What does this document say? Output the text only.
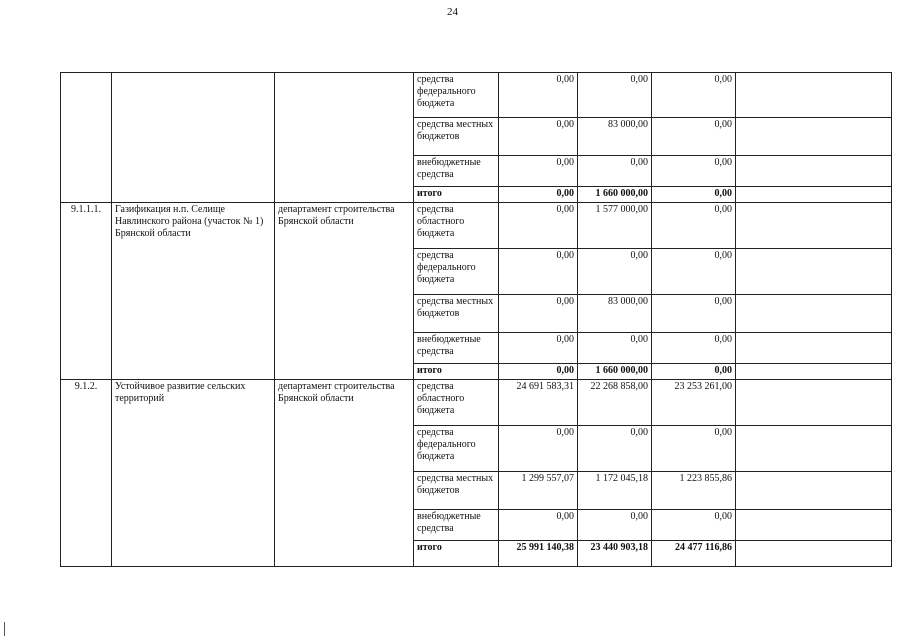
24
			средства федерального бюджета	0,00	0,00	0,00	
			средства местных бюджетов	0,00	83 000,00	0,00	
			внебюджетные средства	0,00	0,00	0,00	
			итого	0,00	1 660 000,00	0,00	
9.1.1.1.	Газификация н.п. Селище Навлинского района (участок № 1) Брянской области	департамент строительства Брянской области	средства областного бюджета	0,00	1 577 000,00	0,00	
			средства федерального бюджета	0,00	0,00	0,00	
			средства местных бюджетов	0,00	83 000,00	0,00	
			внебюджетные средства	0,00	0,00	0,00	
			итого	0,00	1 660 000,00	0,00	
9.1.2.	Устойчивое развитие сельских территорий	департамент строительства Брянской области	средства областного бюджета	24 691 583,31	22 268 858,00	23 253 261,00	
			средства федерального бюджета	0,00	0,00	0,00	
			средства местных бюджетов	1 299 557,07	1 172 045,18	1 223 855,86	
			внебюджетные средства	0,00	0,00	0,00	
			итого	25 991 140,38	23 440 903,18	24 477 116,86	
